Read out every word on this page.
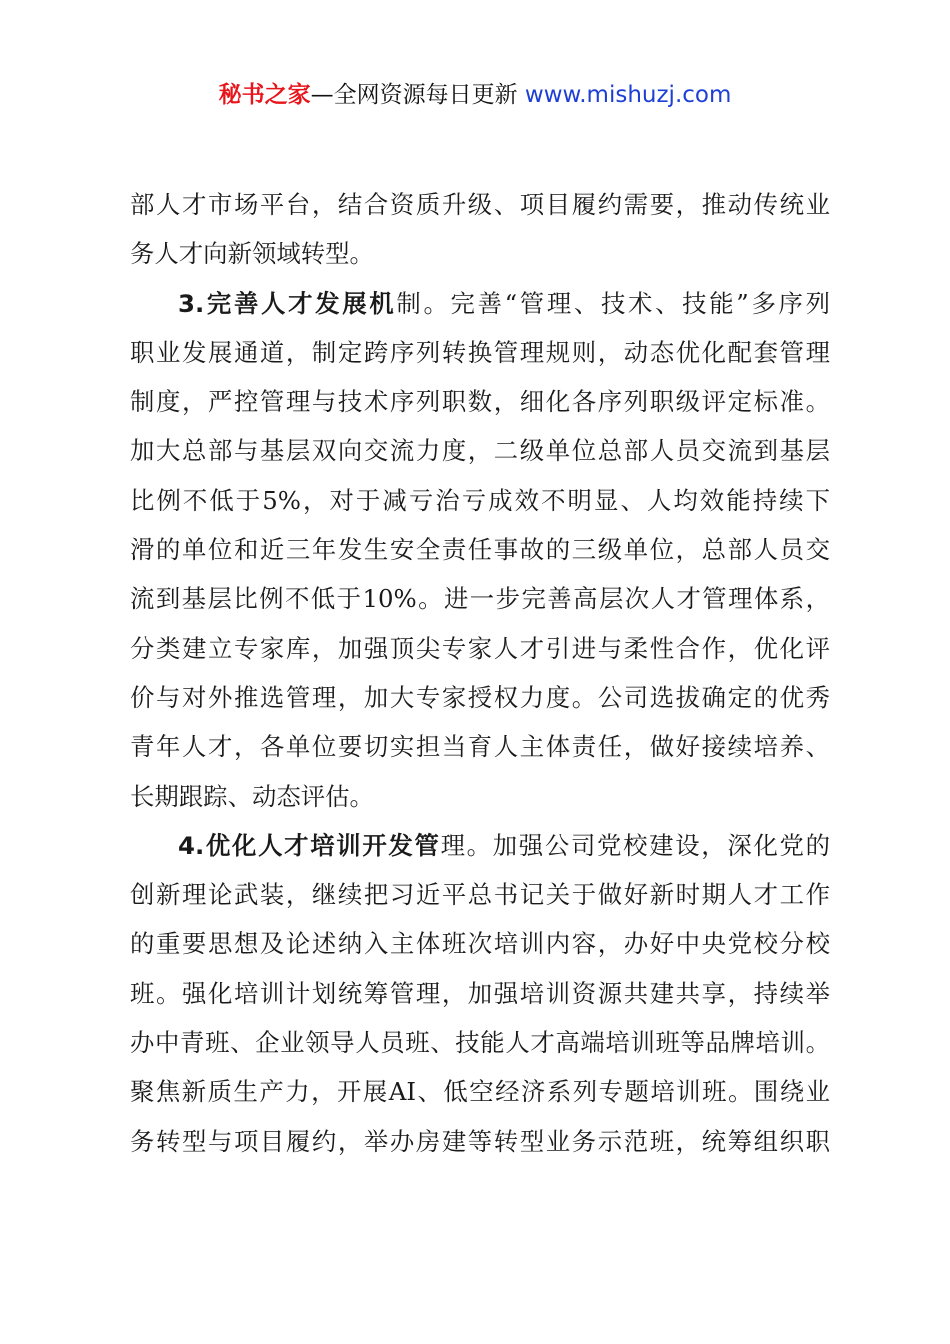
秘书之家—全网资源每日更新 www.mishuzj.com
部人才市场平台，结合资质升级、项目履约需要，推动传统业
务人才向新领域转型。
3.完善人才发展机制。完善“管理、技术、技能”多序列
职业发展通道，制定跨序列转换管理规则，动态优化配套管理
制度，严控管理与技术序列职数，细化各序列职级评定标准。
加大总部与基层双向交流力度，二级单位总部人员交流到基层
比例不低于5%，对于减亏治亏成效不明显、人均效能持续下
滑的单位和近三年发生安全责任事故的三级单位，总部人员交
流到基层比例不低于10%。进一步完善高层次人才管理体系，
分类建立专家库，加强顶尖专家人才引进与柔性合作，优化评
价与对外推选管理，加大专家授权力度。公司选拔确定的优秀
青年人才，各单位要切实担当育人主体责任，做好接续培养、
长期跟踪、动态评估。
4.优化人才培训开发管理。加强公司党校建设，深化党的
创新理论武装，继续把习近平总书记关于做好新时期人才工作
的重要思想及论述纳入主体班次培训内容，办好中央党校分校
班。强化培训计划统筹管理，加强培训资源共建共享，持续举
办中青班、企业领导人员班、技能人才高端培训班等品牌培训。
聚焦新质生产力，开展AI、低空经济系列专题培训班。围绕业
务转型与项目履约，举办房建等转型业务示范班，统筹组织职
